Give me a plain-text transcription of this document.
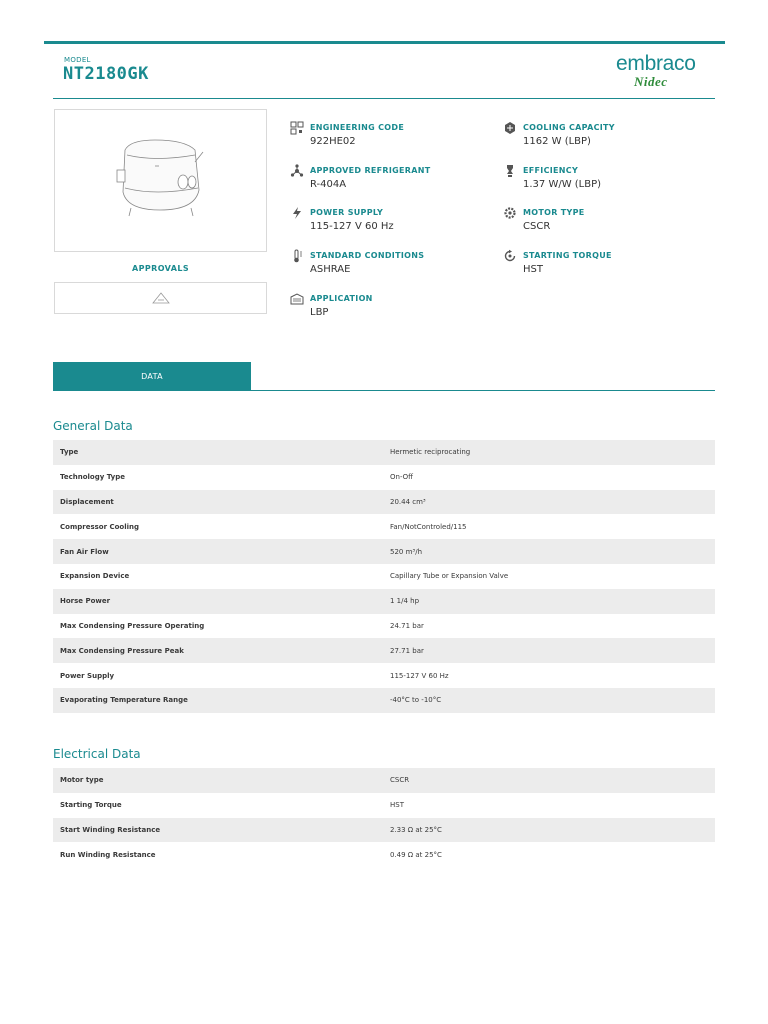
MODEL
NT2180GK	embraco
Nidec
APPROVALS
ENGINEERING CODE
922HE02
COOLING CAPACITY
1162 W (LBP)
APPROVED REFRIGERANT
R-404A
EFFICIENCY
1.37 W/W (LBP)
POWER SUPPLY
115-127 V 60 Hz
MOTOR TYPE
CSCR
STANDARD CONDITIONS
ASHRAE
STARTING TORQUE
HST
APPLICATION
LBP
DATA
General Data
Type	Hermetic reciprocating
Technology Type	On-Off
Displacement	20.44 cm³
Compressor Cooling	Fan/NotControled/115
Fan Air Flow	520 m³/h
Expansion Device	Capillary Tube or Expansion Valve
Horse Power	1 1/4 hp
Max Condensing Pressure Operating	24.71 bar
Max Condensing Pressure Peak	27.71 bar
Power Supply	115-127 V 60 Hz
Evaporating Temperature Range	-40°C to -10°C
Electrical Data
Motor type	CSCR
Starting Torque	HST
Start Winding Resistance	2.33 Ω at 25°C
Run Winding Resistance	0.49 Ω at 25°C
